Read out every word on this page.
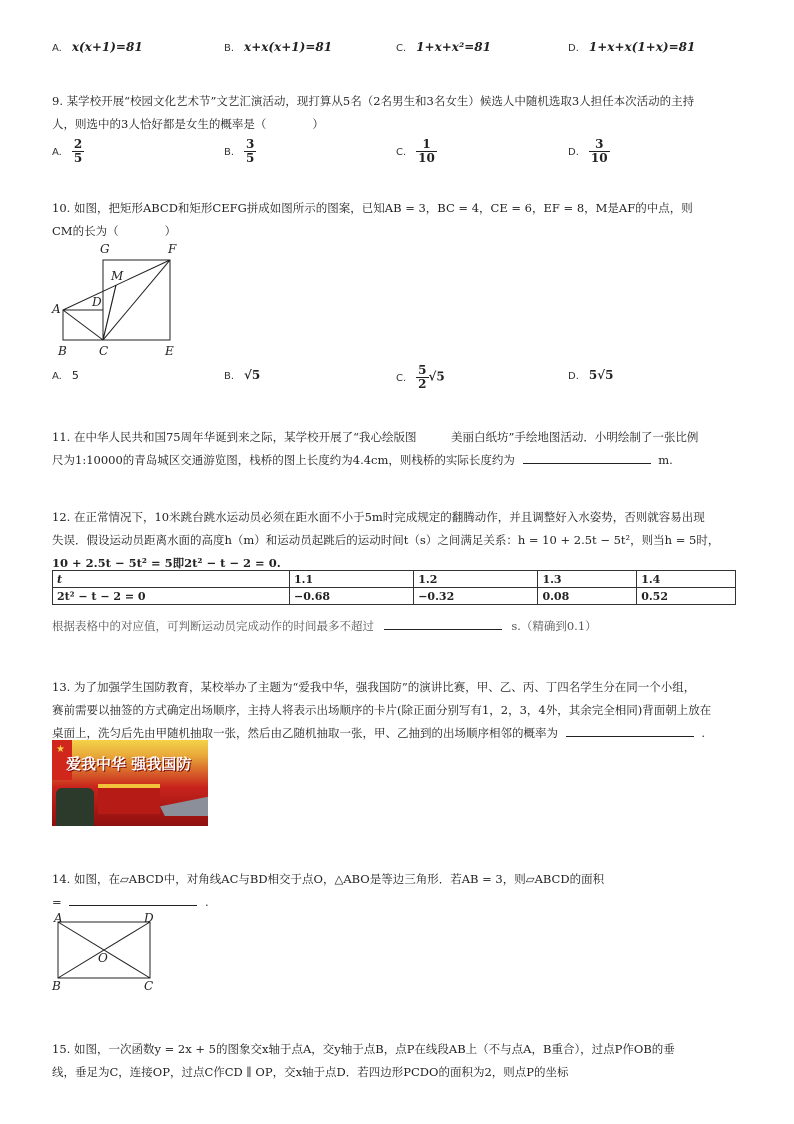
A. x(x+1)=81	B. x+x(x+1)=81	C. 1+x+x²=81	D. 1+x+x(1+x)=81
9. 某学校开展“校园文化艺术节”文艺汇演活动，现打算从5名（2名男生和3名女生）候选人中随机选取3人担任本次活动的主持
人，则选中的3人恰好都是女生的概率是（　　　　）
A. $\frac{2}{5}$	B. $\frac{3}{5}$	C. $\frac{1}{10}$	D. $\frac{3}{10}$
10. 如图，把矩形ABCD和矩形CEFG拼成如图所示的图案，已知AB = 3，BC = 4，CE = 6，EF = 8，M是AF的中点，则
CM的长为（　　　　）
G	F
M
A	D
B	C	E
A. 5	B. √5	C. $\frac{5}{2} √5$	D. 5√5
11. 在中华人民共和国75周年华诞到来之际，某学校开展了“我心绘版图　　　美丽白纸坊”手绘地图活动．小明绘制了一张比例
尺为1:10000的青岛城区交通游览图，栈桥的图上长度约为4.4cm，则栈桥的实际长度约为	m.
12. 在正常情况下，10米跳台跳水运动员必须在距水面不小于5m时完成规定的翻腾动作，并且调整好入水姿势，否则就容易出现
失误．假设运动员距离水面的高度h（m）和运动员起跳后的运动时间t（s）之间满足关系：h = 10 + 2.5t − 5t²，则当h = 5时，
10 + 2.5t − 5t² = 5即2t² − t − 2 = 0.
t	1.1	1.2	1.3	1.4
2t² − t − 2 = 0	−0.68	−0.32	0.08	0.52
根据表格中的对应值，可判断运动员完成动作的时间最多不超过	s.（精确到0.1）
13. 为了加强学生国防教育，某校举办了主题为“爱我中华，强我国防”的演讲比赛，甲、乙、丙、丁四名学生分在同一个小组，
赛前需要以抽签的方式确定出场顺序，主持人将表示出场顺序的卡片(除正面分别写有1，2，3，4外，其余完全相同)背面朝上放在
桌面上，洗匀后先由甲随机抽取一张，然后由乙随机抽取一张，甲、乙抽到的出场顺序相邻的概率为	.
★
爱我中华 强我国防
14. 如图，在▱ABCD中，对角线AC与BD相交于点O，△ABO是等边三角形．若AB = 3，则▱ABCD的面积
=	.
A	D
O
B	C
15. 如图，一次函数y = 2x + 5的图象交x轴于点A，交y轴于点B，点P在线段AB上（不与点A，B重合），过点P作OB的垂
线，垂足为C，连接OP，过点C作CD ∥ OP，交x轴于点D．若四边形PCDO的面积为2，则点P的坐标
